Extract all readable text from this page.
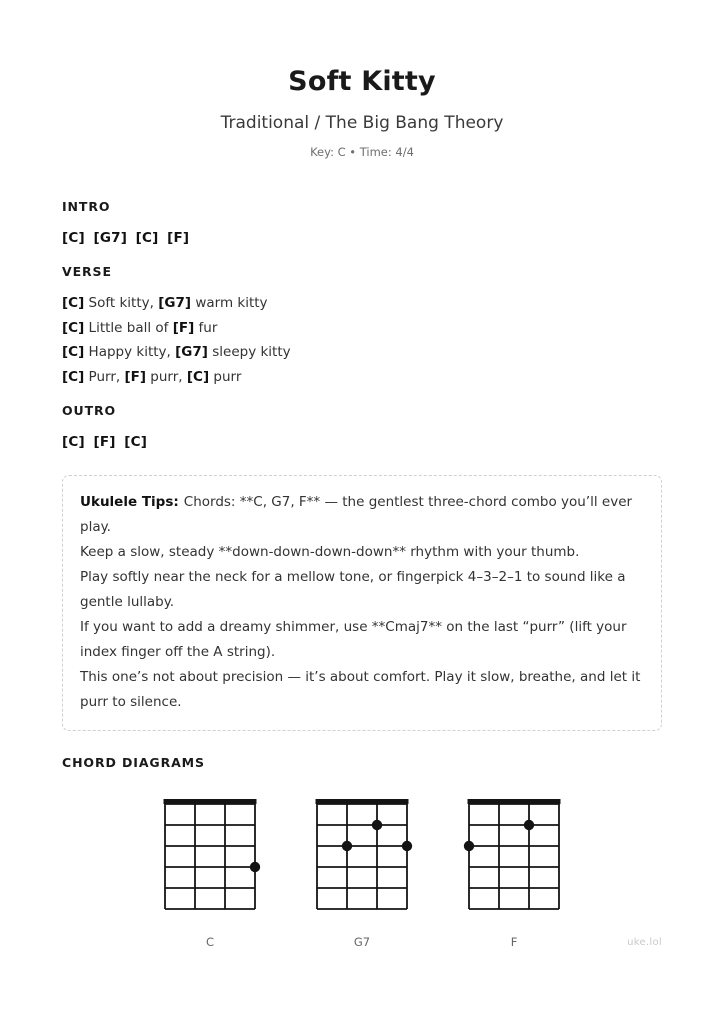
Soft Kitty
Traditional / The Big Bang Theory
Key: C • Time: 4/4
INTRO
[C] [G7] [C] [F]
VERSE
[C] Soft kitty, [G7] warm kitty
[C] Little ball of [F] fur
[C] Happy kitty, [G7] sleepy kitty
[C] Purr, [F] purr, [C] purr
OUTRO
[C] [F] [C]
Ukulele Tips: Chords: **C, G7, F** — the gentlest three-chord combo you’ll ever play.
Keep a slow, steady **down-down-down-down** rhythm with your thumb.
Play softly near the neck for a mellow tone, or fingerpick 4–3–2–1 to sound like a gentle lullaby.
If you want to add a dreamy shimmer, use **Cmaj7** on the last “purr” (lift your index finger off the A string).
This one’s not about precision — it’s about comfort. Play it slow, breathe, and let it purr to silence.
CHORD DIAGRAMS
C	G7	F	uke.lol
